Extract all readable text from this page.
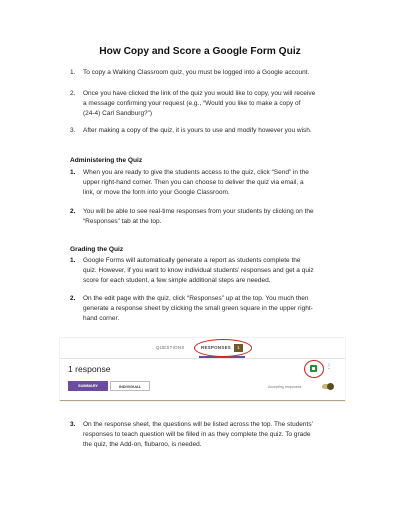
How Copy and Score a Google Form Quiz
1. To copy a Walking Classroom quiz, you must be logged into a Google account.
2. Once you have clicked the link of the quiz you would like to copy, you will receive
a message confirming your request (e.g., “Would you like to make a copy of
(24-4) Carl Sandburg?”)
3. After making a copy of the quiz, it is yours to use and modify however you wish.
Administering the Quiz
1. When you are ready to give the students access to the quiz, click “Send” in the
upper right-hand corner. Then you can choose to deliver the quiz via email, a
link, or move the form into your Google Classroom.
2. You will be able to see real-time responses from your students by clicking on the
“Responses” tab at the top.
Grading the Quiz
1. Google Forms will automatically generate a report as students complete the
quiz. However, if you want to know individual students’ responses and get a quiz
score for each student, a few simple additional steps are needed.
2. On the edit page with the quiz, click “Responses” up at the top. You much then
generate a response sheet by clicking the small green square in the upper right-
hand corner.
QUESTIONS	RESPONSES	1
1 response	⋮
SUMMARY	INDIVIDUAL	Accepting responses
3. On the response sheet, the questions will be listed across the top. The students’
responses to teach question will be filled in as they complete the quiz. To grade
the quiz, the Add-on, flubaroo, is needed.
